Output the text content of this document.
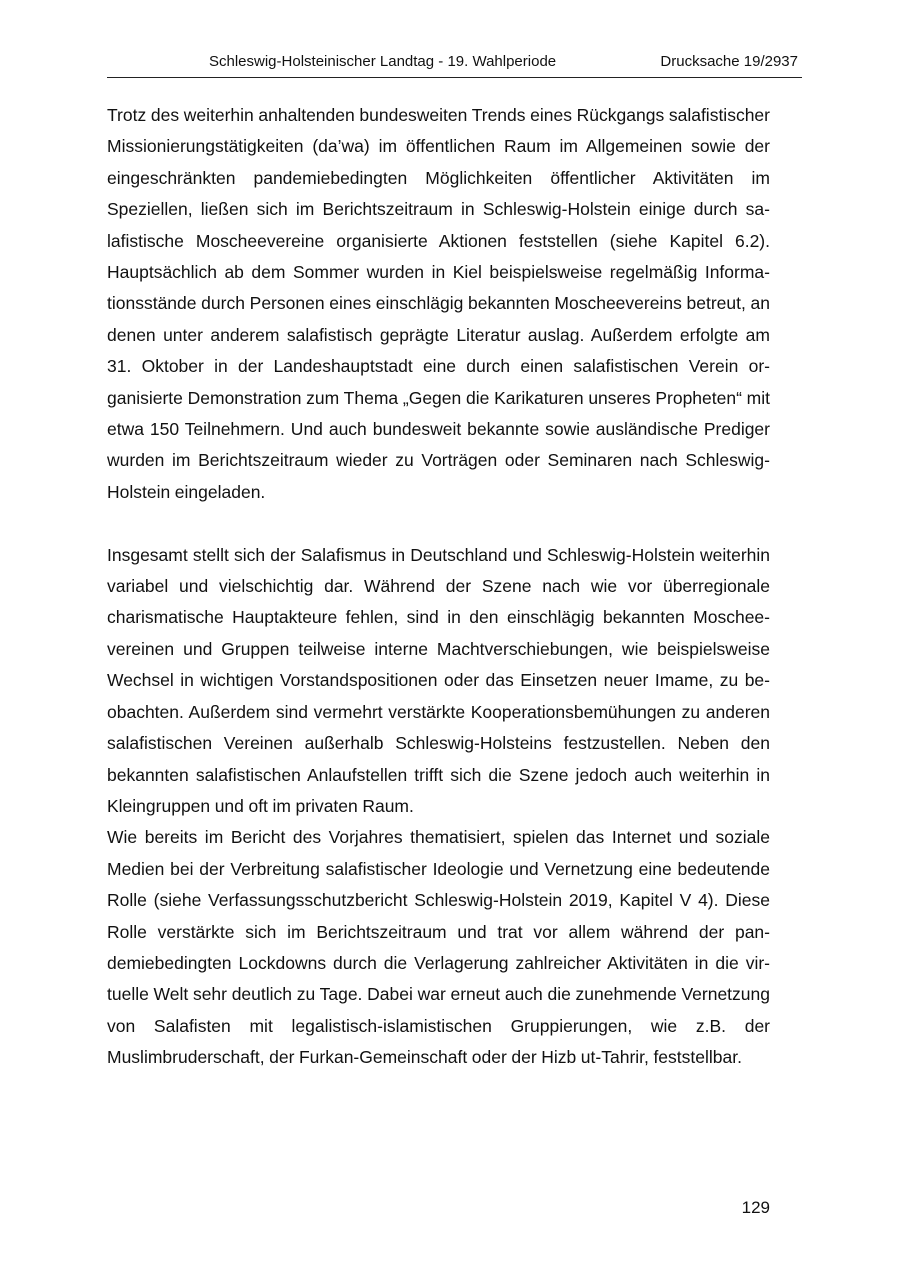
Schleswig-Holsteinischer Landtag - 19. Wahlperiode	Drucksache 19/2937

Trotz des weiterhin anhaltenden bundesweiten Trends eines Rückgangs salafistischer Missionierungstätigkeiten (da’wa) im öffentlichen Raum im Allgemeinen sowie der eingeschränkten pandemiebedingten Möglichkeiten öffentlicher Aktivitäten im Speziellen, ließen sich im Berichtszeitraum in Schleswig-Holstein einige durch salafistische Moscheevereine organisierte Aktionen feststellen (siehe Kapitel 6.2). Hauptsächlich ab dem Sommer wurden in Kiel beispielsweise regelmäßig Informationsstände durch Personen eines einschlägig bekannten Moscheevereins betreut, an denen unter anderem salafistisch geprägte Literatur auslag. Außerdem erfolgte am 31. Oktober in der Landeshauptstadt eine durch einen salafistischen Verein organisierte Demonstration zum Thema „Gegen die Karikaturen unseres Propheten“ mit etwa 150 Teilnehmern. Und auch bundesweit bekannte sowie ausländische Prediger wurden im Berichtszeitraum wieder zu Vorträgen oder Seminaren nach Schleswig-Holstein eingeladen.

Insgesamt stellt sich der Salafismus in Deutschland und Schleswig-Holstein weiterhin variabel und vielschichtig dar. Während der Szene nach wie vor überregionale charismatische Hauptakteure fehlen, sind in den einschlägig bekannten Moscheevereinen und Gruppen teilweise interne Machtverschiebungen, wie beispielsweise Wechsel in wichtigen Vorstandspositionen oder das Einsetzen neuer Imame, zu beobachten. Außerdem sind vermehrt verstärkte Kooperationsbemühungen zu anderen salafistischen Vereinen außerhalb Schleswig-Holsteins festzustellen. Neben den bekannten salafistischen Anlaufstellen trifft sich die Szene jedoch auch weiterhin in Kleingruppen und oft im privaten Raum.

Wie bereits im Bericht des Vorjahres thematisiert, spielen das Internet und soziale Medien bei der Verbreitung salafistischer Ideologie und Vernetzung eine bedeutende Rolle (siehe Verfassungsschutzbericht Schleswig-Holstein 2019, Kapitel V 4). Diese Rolle verstärkte sich im Berichtszeitraum und trat vor allem während der pandemiebedingten Lockdowns durch die Verlagerung zahlreicher Aktivitäten in die virtuelle Welt sehr deutlich zu Tage. Dabei war erneut auch die zunehmende Vernetzung von Salafisten mit legalistisch-islamistischen Gruppierungen, wie z.B. der Muslimbruderschaft, der Furkan-Gemeinschaft oder der Hizb ut-Tahrir, feststellbar.

129
